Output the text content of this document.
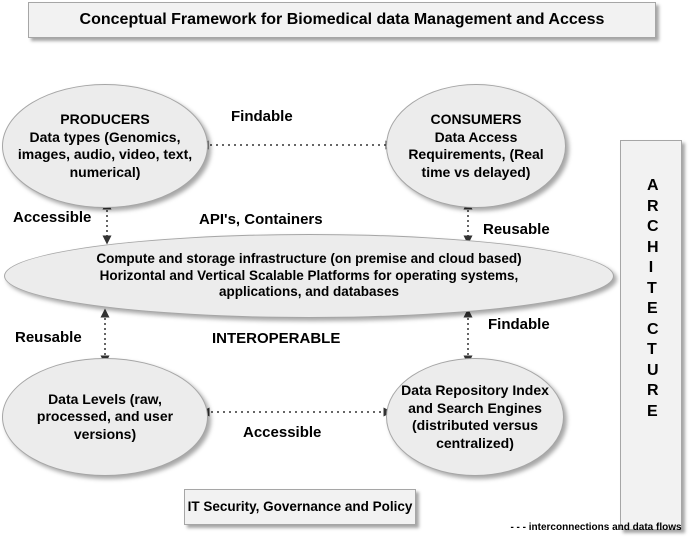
Conceptual Framework for Biomedical data Management and Access
PRODUCERS
Data types (Genomics, images, audio, video, text, numerical)
CONSUMERS
Data Access Requirements, (Real time vs delayed)
Compute and storage infrastructure (on premise and cloud based)
Horizontal and Vertical Scalable Platforms for operating systems,
applications, and databases
Data Levels (raw, processed, and user versions)
Data Repository Index and Search Engines (distributed versus centralized)
Findable
Accessible	API's, Containers
Reusable
Reusable	INTEROPERABLE
Findable
Accessible
IT Security, Governance and Policy
ARCHITECTURE
- - - interconnections and data flows
